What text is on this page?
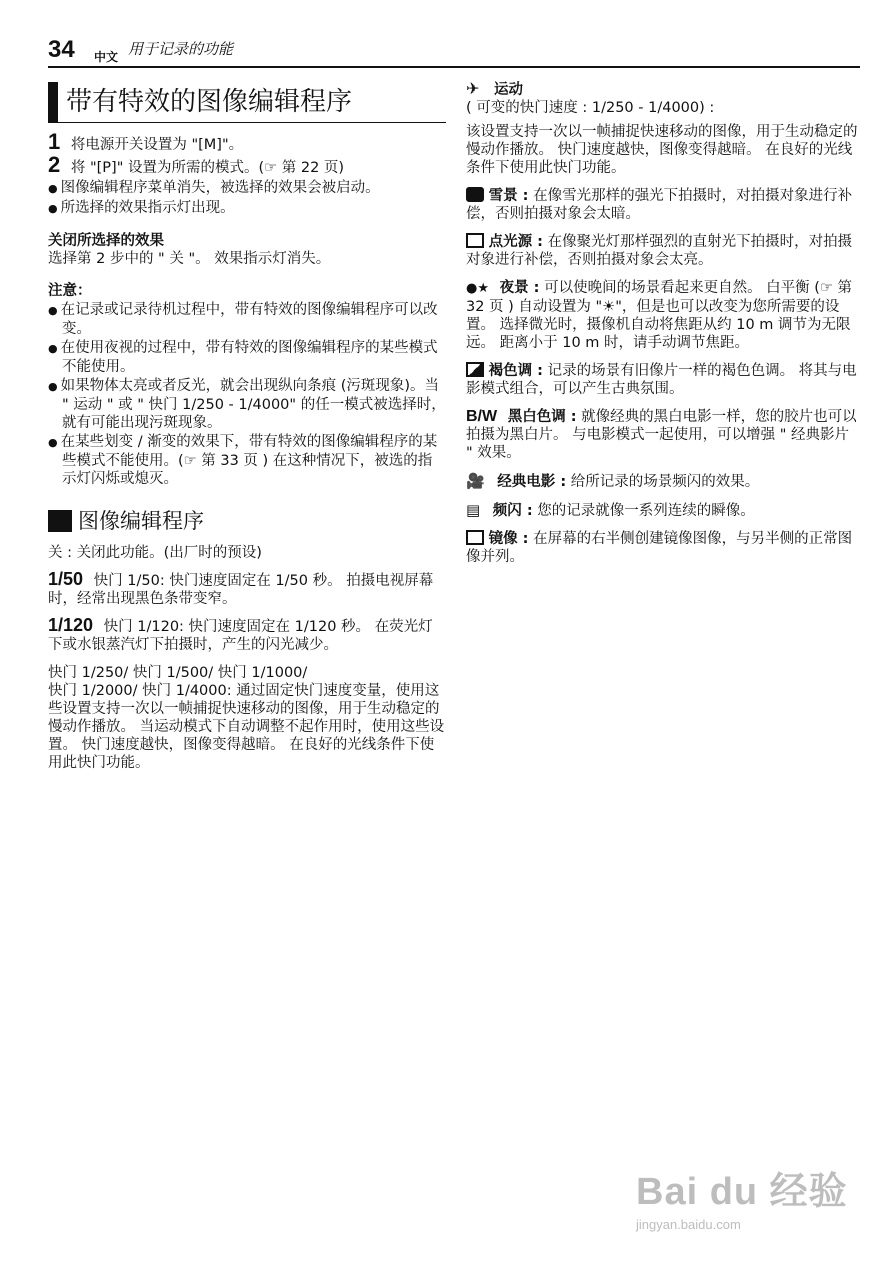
34 中文 用于记录的功能
带有特效的图像编辑程序
1 将电源开关设置为 "[M]"。
2 将 "[P]" 设置为所需的模式。(☞ 第 22 页)
● 图像编辑程序菜单消失，被选择的效果会被启动。
● 所选择的效果指示灯出现。
关闭所选择的效果
选择第 2 步中的 " 关 "。 效果指示灯消失。
注意：
● 在记录或记录待机过程中，带有特效的图像编辑程序可以改变。
● 在使用夜视的过程中，带有特效的图像编辑程序的某些模式不能使用。
● 如果物体太亮或者反光，就会出现纵向条痕 (污斑现象)。当 " 运动 " 或 " 快门 1/250 - 1/4000" 的任一模式被选择时，就有可能出现污斑现象。
● 在某些划变 / 渐变的效果下，带有特效的图像编辑程序的某些模式不能使用。(☞ 第 33 页 ) 在这种情况下，被选的指示灯闪烁或熄灭。
图像编辑程序
关 : 关闭此功能。(出厂时的预设)
1/50 快门 1/50: 快门速度固定在 1/50 秒。 拍摄电视屏幕时，经常出现黑色条带变窄。
1/120 快门 1/120: 快门速度固定在 1/120 秒。 在荧光灯下或水银蒸汽灯下拍摄时，产生的闪光减少。
快门 1/250/ 快门 1/500/ 快门 1/1000/
快门 1/2000/ 快门 1/4000: 通过固定快门速度变量，使用这些设置支持一次以一帧捕捉快速移动的图像，用于生动稳定的慢动作播放。 当运动模式下自动调整不起作用时，使用这些设置。 快门速度越快，图像变得越暗。 在良好的光线条件下使用此快门功能。
✈ 运动
( 可变的快门速度 : 1/250 - 1/4000) :
该设置支持一次以一帧捕捉快速移动的图像，用于生动稳定的慢动作播放。 快门速度越快，图像变得越暗。 在良好的光线条件下使用此快门功能。
雪景 : 在像雪光那样的强光下拍摄时，对拍摄对象进行补偿，否则拍摄对象会太暗。
点光源 : 在像聚光灯那样强烈的直射光下拍摄时，对拍摄对象进行补偿，否则拍摄对象会太亮。
●★ 夜景 : 可以使晚间的场景看起来更自然。 白平衡 (☞ 第 32 页 ) 自动设置为 "☀"，但是也可以改变为您所需要的设置。 选择微光时，摄像机自动将焦距从约 10 m 调节为无限远。 距离小于 10 m 时，请手动调节焦距。
褐色调 : 记录的场景有旧像片一样的褐色色调。 将其与电影模式组合，可以产生古典氛围。
B/W 黑白色调 : 就像经典的黑白电影一样，您的胶片也可以拍摄为黑白片。 与电影模式一起使用，可以增强 " 经典影片 " 效果。
🎥 经典电影 : 给所记录的场景频闪的效果。
▤ 频闪 : 您的记录就像一系列连续的瞬像。
镜像 : 在屏幕的右半侧创建镜像图像，与另半侧的正常图像并列。
Bai du 经验
jingyan.baidu.com
